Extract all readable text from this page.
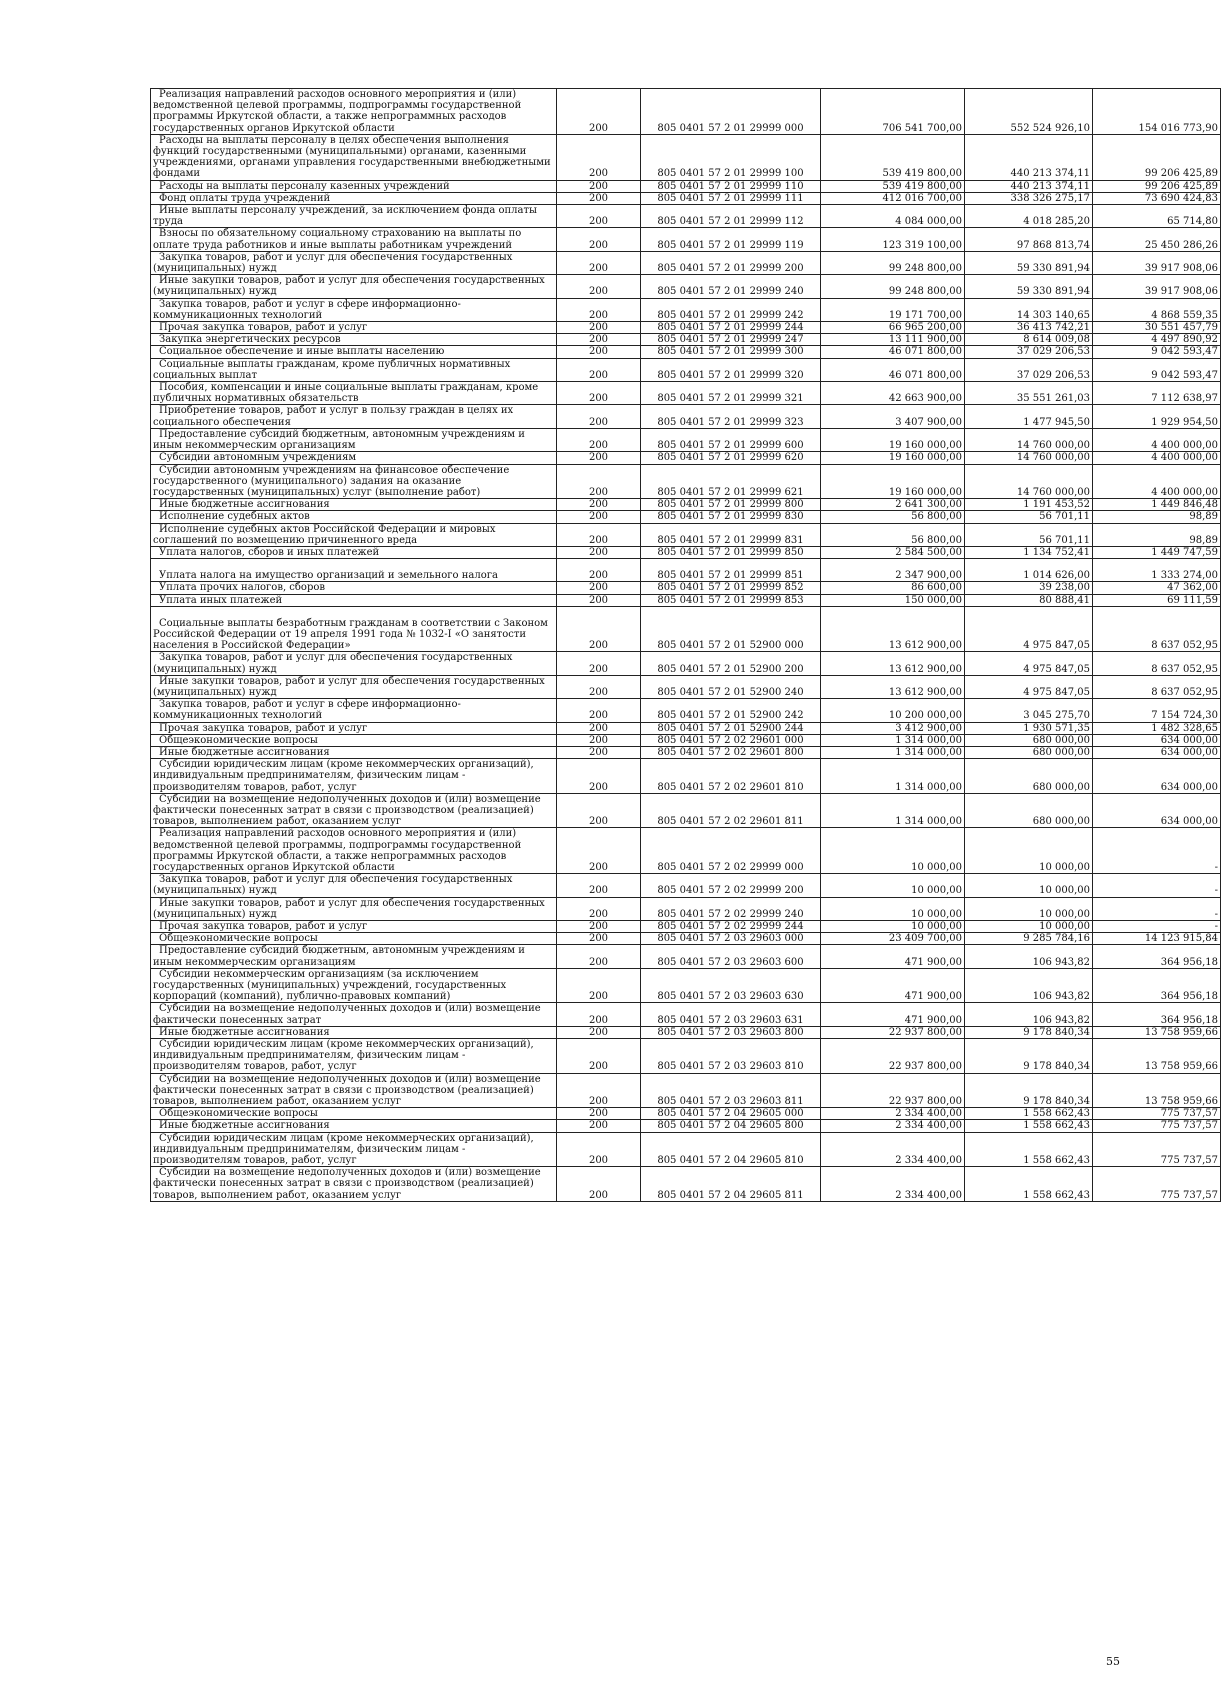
Реализация направлений расходов основного мероприятия и (или) ведомственной целевой программы, подпрограммы государственной программы Иркутской области, а также непрограммных расходов государственных органов Иркутской области	200	805 0401 57 2 01 29999 000	706 541 700,00	552 524 926,10	154 016 773,90
Расходы на выплаты персоналу в целях обеспечения выполнения функций государственными (муниципальными) органами, казенными учреждениями, органами управления государственными внебюджетными фондами	200	805 0401 57 2 01 29999 100	539 419 800,00	440 213 374,11	99 206 425,89
Расходы на выплаты персоналу казенных учреждений	200	805 0401 57 2 01 29999 110	539 419 800,00	440 213 374,11	99 206 425,89
Фонд оплаты труда учреждений	200	805 0401 57 2 01 29999 111	412 016 700,00	338 326 275,17	73 690 424,83
Иные выплаты персоналу учреждений, за исключением фонда оплаты труда	200	805 0401 57 2 01 29999 112	4 084 000,00	4 018 285,20	65 714,80
Взносы по обязательному социальному страхованию на выплаты по оплате труда работников и иные выплаты работникам учреждений	200	805 0401 57 2 01 29999 119	123 319 100,00	97 868 813,74	25 450 286,26
Закупка товаров, работ и услуг для обеспечения государственных (муниципальных) нужд	200	805 0401 57 2 01 29999 200	99 248 800,00	59 330 891,94	39 917 908,06
Иные закупки товаров, работ и услуг для обеспечения государственных (муниципальных) нужд	200	805 0401 57 2 01 29999 240	99 248 800,00	59 330 891,94	39 917 908,06
Закупка товаров, работ и услуг в сфере информационно-коммуникационных технологий	200	805 0401 57 2 01 29999 242	19 171 700,00	14 303 140,65	4 868 559,35
Прочая закупка товаров, работ и услуг	200	805 0401 57 2 01 29999 244	66 965 200,00	36 413 742,21	30 551 457,79
Закупка энергетических ресурсов	200	805 0401 57 2 01 29999 247	13 111 900,00	8 614 009,08	4 497 890,92
Социальное обеспечение и иные выплаты населению	200	805 0401 57 2 01 29999 300	46 071 800,00	37 029 206,53	9 042 593,47
Социальные выплаты гражданам, кроме публичных нормативных социальных выплат	200	805 0401 57 2 01 29999 320	46 071 800,00	37 029 206,53	9 042 593,47
Пособия, компенсации и иные социальные выплаты гражданам, кроме публичных нормативных обязательств	200	805 0401 57 2 01 29999 321	42 663 900,00	35 551 261,03	7 112 638,97
Приобретение товаров, работ и услуг в пользу граждан в целях их социального обеспечения	200	805 0401 57 2 01 29999 323	3 407 900,00	1 477 945,50	1 929 954,50
Предоставление субсидий бюджетным, автономным учреждениям и иным некоммерческим организациям	200	805 0401 57 2 01 29999 600	19 160 000,00	14 760 000,00	4 400 000,00
Субсидии автономным учреждениям	200	805 0401 57 2 01 29999 620	19 160 000,00	14 760 000,00	4 400 000,00
Субсидии автономным учреждениям на финансовое обеспечение государственного (муниципального) задания на оказание государственных (муниципальных) услуг (выполнение работ)	200	805 0401 57 2 01 29999 621	19 160 000,00	14 760 000,00	4 400 000,00
Иные бюджетные ассигнования	200	805 0401 57 2 01 29999 800	2 641 300,00	1 191 453,52	1 449 846,48
Исполнение судебных актов	200	805 0401 57 2 01 29999 830	56 800,00	56 701,11	98,89
Исполнение судебных актов Российской Федерации и мировых соглашений по возмещению причиненного вреда	200	805 0401 57 2 01 29999 831	56 800,00	56 701,11	98,89
Уплата налогов, сборов и иных платежей	200	805 0401 57 2 01 29999 850	2 584 500,00	1 134 752,41	1 449 747,59
Уплата налога на имущество организаций и земельного налога	200	805 0401 57 2 01 29999 851	2 347 900,00	1 014 626,00	1 333 274,00
Уплата прочих налогов, сборов	200	805 0401 57 2 01 29999 852	86 600,00	39 238,00	47 362,00
Уплата иных платежей	200	805 0401 57 2 01 29999 853	150 000,00	80 888,41	69 111,59
Социальные выплаты безработным гражданам в соответствии с Законом Российской Федерации от 19 апреля 1991 года № 1032-I «О занятости населения в Российской Федерации»	200	805 0401 57 2 01 52900 000	13 612 900,00	4 975 847,05	8 637 052,95
Закупка товаров, работ и услуг для обеспечения государственных (муниципальных) нужд	200	805 0401 57 2 01 52900 200	13 612 900,00	4 975 847,05	8 637 052,95
Иные закупки товаров, работ и услуг для обеспечения государственных (муниципальных) нужд	200	805 0401 57 2 01 52900 240	13 612 900,00	4 975 847,05	8 637 052,95
Закупка товаров, работ и услуг в сфере информационно-коммуникационных технологий	200	805 0401 57 2 01 52900 242	10 200 000,00	3 045 275,70	7 154 724,30
Прочая закупка товаров, работ и услуг	200	805 0401 57 2 01 52900 244	3 412 900,00	1 930 571,35	1 482 328,65
Общеэкономические вопросы	200	805 0401 57 2 02 29601 000	1 314 000,00	680 000,00	634 000,00
Иные бюджетные ассигнования	200	805 0401 57 2 02 29601 800	1 314 000,00	680 000,00	634 000,00
Субсидии юридическим лицам (кроме некоммерческих организаций), индивидуальным предпринимателям, физическим лицам - производителям товаров, работ, услуг	200	805 0401 57 2 02 29601 810	1 314 000,00	680 000,00	634 000,00
Субсидии на возмещение недополученных доходов и (или) возмещение фактически понесенных затрат в связи с производством (реализацией) товаров, выполнением работ, оказанием услуг	200	805 0401 57 2 02 29601 811	1 314 000,00	680 000,00	634 000,00
Реализация направлений расходов основного мероприятия и (или) ведомственной целевой программы, подпрограммы государственной программы Иркутской области, а также непрограммных расходов государственных органов Иркутской области	200	805 0401 57 2 02 29999 000	10 000,00	10 000,00	-
Закупка товаров, работ и услуг для обеспечения государственных (муниципальных) нужд	200	805 0401 57 2 02 29999 200	10 000,00	10 000,00	-
Иные закупки товаров, работ и услуг для обеспечения государственных (муниципальных) нужд	200	805 0401 57 2 02 29999 240	10 000,00	10 000,00	-
Прочая закупка товаров, работ и услуг	200	805 0401 57 2 02 29999 244	10 000,00	10 000,00	-
Общеэкономические вопросы	200	805 0401 57 2 03 29603 000	23 409 700,00	9 285 784,16	14 123 915,84
Предоставление субсидий бюджетным, автономным учреждениям и иным некоммерческим организациям	200	805 0401 57 2 03 29603 600	471 900,00	106 943,82	364 956,18
Субсидии некоммерческим организациям (за исключением государственных (муниципальных) учреждений, государственных корпораций (компаний), публично-правовых компаний)	200	805 0401 57 2 03 29603 630	471 900,00	106 943,82	364 956,18
Субсидии на возмещение недополученных доходов и (или) возмещение фактически понесенных затрат	200	805 0401 57 2 03 29603 631	471 900,00	106 943,82	364 956,18
Иные бюджетные ассигнования	200	805 0401 57 2 03 29603 800	22 937 800,00	9 178 840,34	13 758 959,66
Субсидии юридическим лицам (кроме некоммерческих организаций), индивидуальным предпринимателям, физическим лицам - производителям товаров, работ, услуг	200	805 0401 57 2 03 29603 810	22 937 800,00	9 178 840,34	13 758 959,66
Субсидии на возмещение недополученных доходов и (или) возмещение фактически понесенных затрат в связи с производством (реализацией) товаров, выполнением работ, оказанием услуг	200	805 0401 57 2 03 29603 811	22 937 800,00	9 178 840,34	13 758 959,66
Общеэкономические вопросы	200	805 0401 57 2 04 29605 000	2 334 400,00	1 558 662,43	775 737,57
Иные бюджетные ассигнования	200	805 0401 57 2 04 29605 800	2 334 400,00	1 558 662,43	775 737,57
Субсидии юридическим лицам (кроме некоммерческих организаций), индивидуальным предпринимателям, физическим лицам - производителям товаров, работ, услуг	200	805 0401 57 2 04 29605 810	2 334 400,00	1 558 662,43	775 737,57
Субсидии на возмещение недополученных доходов и (или) возмещение фактически понесенных затрат в связи с производством (реализацией) товаров, выполнением работ, оказанием услуг	200	805 0401 57 2 04 29605 811	2 334 400,00	1 558 662,43	775 737,57
55
